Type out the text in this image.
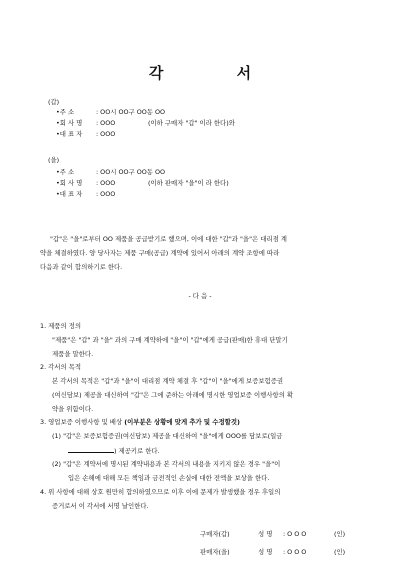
각 서
(갑)
•주 소	: OO시 OO구 OO동 OO
•회 사 명 : OOO	(이하 구매자 "갑" 이라 한다)와
•대 표 자 : OOO
(을)
•주 소	: OO시 OO구 OO동 OO
•회 사 명 : OOO	(이하 판매자 "을"이 라 한다)
•대 표 자 : OOO
"갑"은 "을"로부터 OO 제품을 공급받기로 했으며, 이에 대한 "갑"과 "을"은 대리점 계
약을 체결하였다. 양 당사자는 제품 구매(공급) 계약에 있어서 아래의 계약 조항에 따라
다음과 같이 합의하기로 한다.
- 다 음 -
1. 제품의 정의
"제품"은 "갑" 과 "을" 과의 구매 계약하에 "을"이 "갑"에게 공급(판매)한 휴대 단말기
제품을 말한다.
2. 각서의 목적
본 각서의 목적은 "갑"과 "을"이 대리점 계약 체결 후 "갑"이 "을"에게 보증보험증권
(여신담보) 제공을 대신하여 "갑"은 그에 준하는 아래에 명시한 영업보증 이행사항의 확
약을 위함이다.
3. 영업보증 이행사항 및 배상 (이부분은 상황에 맞게 추가 및 수정할것)
(1) "갑"은 보증보험증권(여신담보) 제공을 대신하여 "을"에게 OOO를 담보로(일금
) 제공키로 한다.
(2) "갑"은 계약서에 명시된 계약내용과 본 각서의 내용을 지키지 않은 경우 "을"이
입은 손해에 대해 모든 책임과 금전적인 손실에 대한 전액을 보상을 한다.
4. 위 사항에 대해 상호 원만히 합의하였으므로 이후 이에 문제가 발생했을 경우 후일의
증거로서 이 각서에 서명 날인한다.
구매자(갑)	성 명 : O O O	(인)
판매자(을)	성 명 : O O O	(인)
